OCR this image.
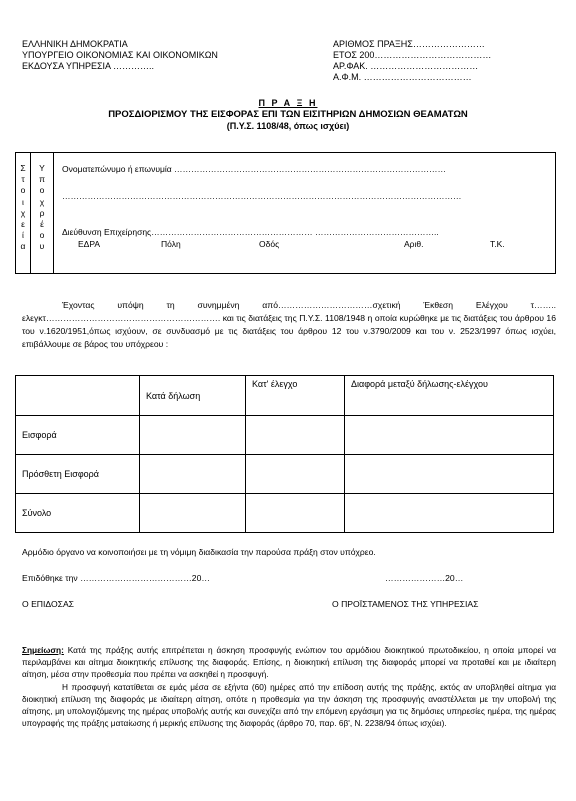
ΕΛΛΗΝΙΚΗ ΔΗΜΟΚΡΑΤΙΑ
ΥΠΟΥΡΓΕΙΟ ΟΙΚΟΝΟΜΙΑΣ ΚΑΙ ΟΙΚΟΝΟΜΙΚΩΝ
ΕΚΔΟΥΣΑ ΥΠΗΡΕΣΙΑ …………..
ΑΡΙΘΜΟΣ ΠΡΑΞΗΣ……………………
ΕΤΟΣ 200…………………………………
ΑΡ.ΦΑΚ. ………………………………
Α.Φ.Μ. ………………………………
Π Ρ Α Ξ Η
ΠΡΟΣΔΙΟΡΙΣΜΟΥ ΤΗΣ ΕΙΣΦΟΡΑΣ ΕΠΙ ΤΩΝ ΕΙΣΙΤΗΡΙΩΝ ΔΗΜΟΣΙΩΝ ΘΕΑΜΑΤΩΝ
(Π.Υ.Σ. 1108/48, όπως ισχύει)
Σ
τ
ο
ι
χ
ε
ί
α
Υ
π
ο
χ
ρ
έ
ο
υ
Ονοματεπώνυμο ή επωνυμία ……………………………………………………………………………………
……………………………………………………………………………………………………………………………
Διεύθυνση Επιχείρησης………………………………………………… ……………………………………..
ΕΔΡΑ	Πόλη	Οδός	Αριθ.	Τ.Κ.
Έχοντας υπόψη τη συνημμένη από……………………………σχετική Έκθεση Ελέγχου τ…….. ελεγκτ……………………………………………………. και τις διατάξεις της Π.Υ.Σ. 1108/1948 η οποία κυρώθηκε με τις διατάξεις του άρθρου 16 του ν.1620/1951,όπως ισχύουν, σε συνδυασμό με τις διατάξεις του άρθρου 12 του ν.3790/2009 και του ν. 2523/1997 όπως ισχύει, επιβάλλουμε σε βάρος του υπόχρεου :
	Κατά δήλωση	Κατ' έλεγχο	Διαφορά μεταξύ δήλωσης-ελέγχου
Εισφορά			
Πρόσθετη Εισφορά			
Σύνολο			
Αρμόδιο όργανο να κοινοποιήσει με τη νόμιμη διαδικασία την παρούσα πράξη στον υπόχρεο.
Επιδόθηκε την …………………………………20…	…………………20…
Ο ΕΠΙΔΟΣΑΣ	Ο ΠΡΟΪΣΤΑΜΕΝΟΣ ΤΗΣ ΥΠΗΡΕΣΙΑΣ
Σημείωση: Κατά της πράξης αυτής επιτρέπεται η άσκηση προσφυγής ενώπιον του αρμόδιου διοικητικού πρωτοδικείου, η οποία μπορεί να περιλαμβάνει και αίτημα διοικητικής επίλυσης της διαφοράς. Επίσης, η διοικητική επίλυση της διαφοράς μπορεί να προταθεί και με ιδιαίτερη αίτηση, μέσα στην προθεσμία που πρέπει να ασκηθεί η προσφυγή.
Η προσφυγή κατατίθεται σε εμάς μέσα σε εξήντα (60) ημέρες από την επίδοση αυτής της πράξης, εκτός αν υποβληθεί αίτημα για διοικητική επίλυση της διαφοράς με ιδιαίτερη αίτηση, οπότε η προθεσμία για την άσκηση της προσφυγής αναστέλλεται με την υποβολή της αίτησης, μη υπολογιζόμενης της ημέρας υποβολής αυτής και συνεχίζει από την επόμενη εργάσιμη για τις δημόσιες υπηρεσίες ημέρα, της ημέρας υπογραφής της πράξης ματαίωσης ή μερικής επίλυσης της διαφοράς (άρθρο 70, παρ. 6β', Ν. 2238/94 όπως ισχύει).
